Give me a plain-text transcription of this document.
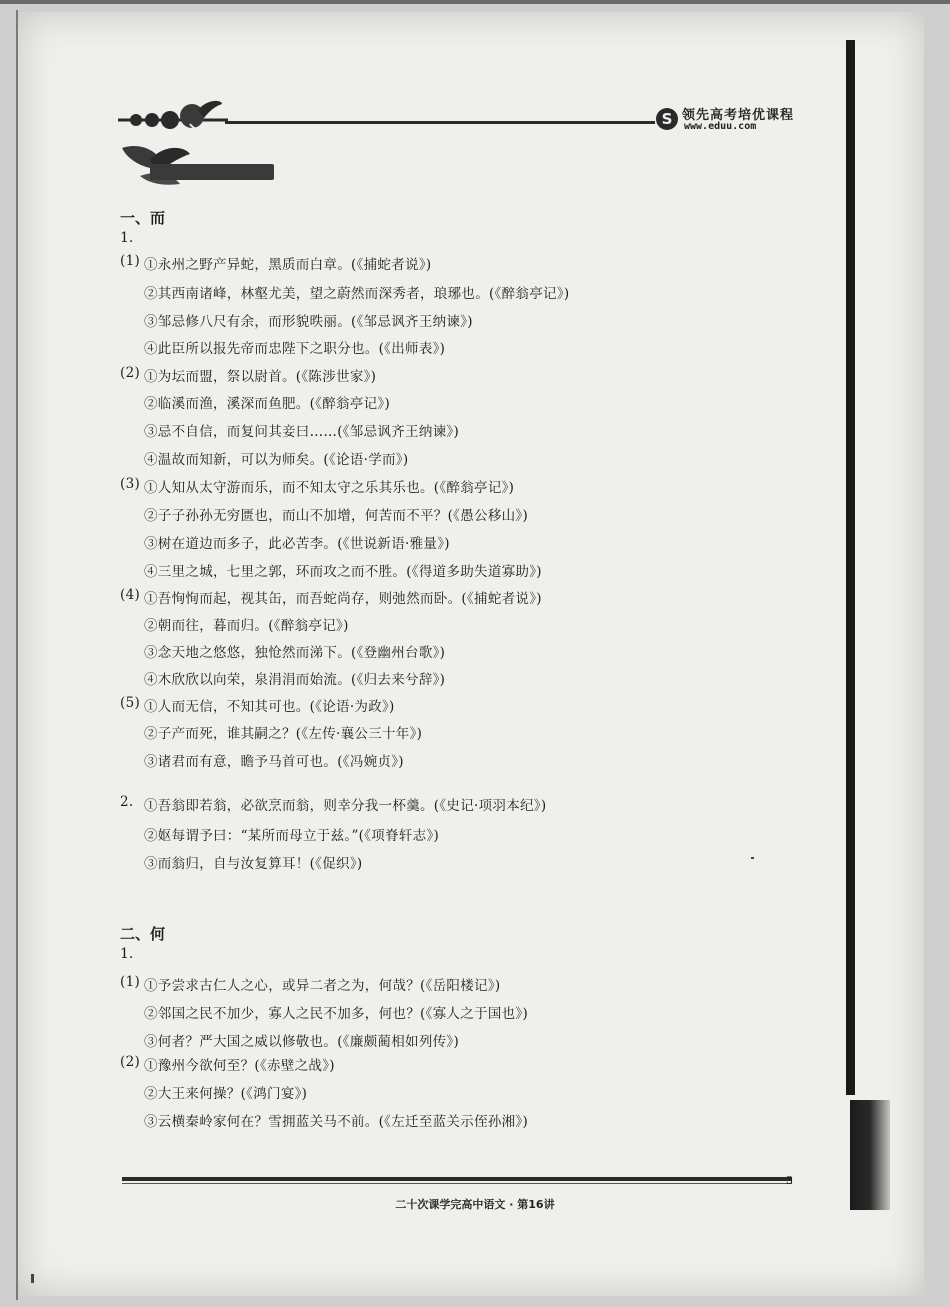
S 领先高考培优课程
www.eduu.com
一、而
1.
(1) ①永州之野产异蛇，黑质而白章。(《捕蛇者说》)
②其西南诸峰，林壑尤美，望之蔚然而深秀者，琅琊也。(《醉翁亭记》)
③邹忌修八尺有余，而形貌昳丽。(《邹忌讽齐王纳谏》)
④此臣所以报先帝而忠陛下之职分也。(《出师表》)
(2) ①为坛而盟，祭以尉首。(《陈涉世家》)
②临溪而渔，溪深而鱼肥。(《醉翁亭记》)
③忌不自信，而复问其妾曰……(《邹忌讽齐王纳谏》)
④温故而知新，可以为师矣。(《论语·学而》)
(3) ①人知从太守游而乐，而不知太守之乐其乐也。(《醉翁亭记》)
②子子孙孙无穷匮也，而山不加增，何苦而不平？(《愚公移山》)
③树在道边而多子，此必苦李。(《世说新语·雅量》)
④三里之城，七里之郭，环而攻之而不胜。(《得道多助失道寡助》)
(4) ①吾恂恂而起，视其缶，而吾蛇尚存，则弛然而卧。(《捕蛇者说》)
②朝而往，暮而归。(《醉翁亭记》)
③念天地之悠悠，独怆然而涕下。(《登幽州台歌》)
④木欣欣以向荣，泉涓涓而始流。(《归去来兮辞》)
(5) ①人而无信，不知其可也。(《论语·为政》)
②子产而死，谁其嗣之？(《左传·襄公三十年》)
③诸君而有意，瞻予马首可也。(《冯婉贞》)
2. ①吾翁即若翁，必欲烹而翁，则幸分我一杯羹。(《史记·项羽本纪》)
②妪每谓予曰：“某所而母立于兹。”(《项脊轩志》)
③而翁归，自与汝复算耳！(《促织》)
二、何
1.
(1) ①予尝求古仁人之心，或异二者之为，何哉？(《岳阳楼记》)
②邻国之民不加少，寡人之民不加多，何也？(《寡人之于国也》)
③何者？严大国之威以修敬也。(《廉颇蔺相如列传》)
(2) ①豫州今欲何至？(《赤壁之战》)
②大王来何操？(《鸿门宴》)
③云横秦岭家何在？雪拥蓝关马不前。(《左迁至蓝关示侄孙湘》)
3
二十次课学完高中语文 · 第16讲
